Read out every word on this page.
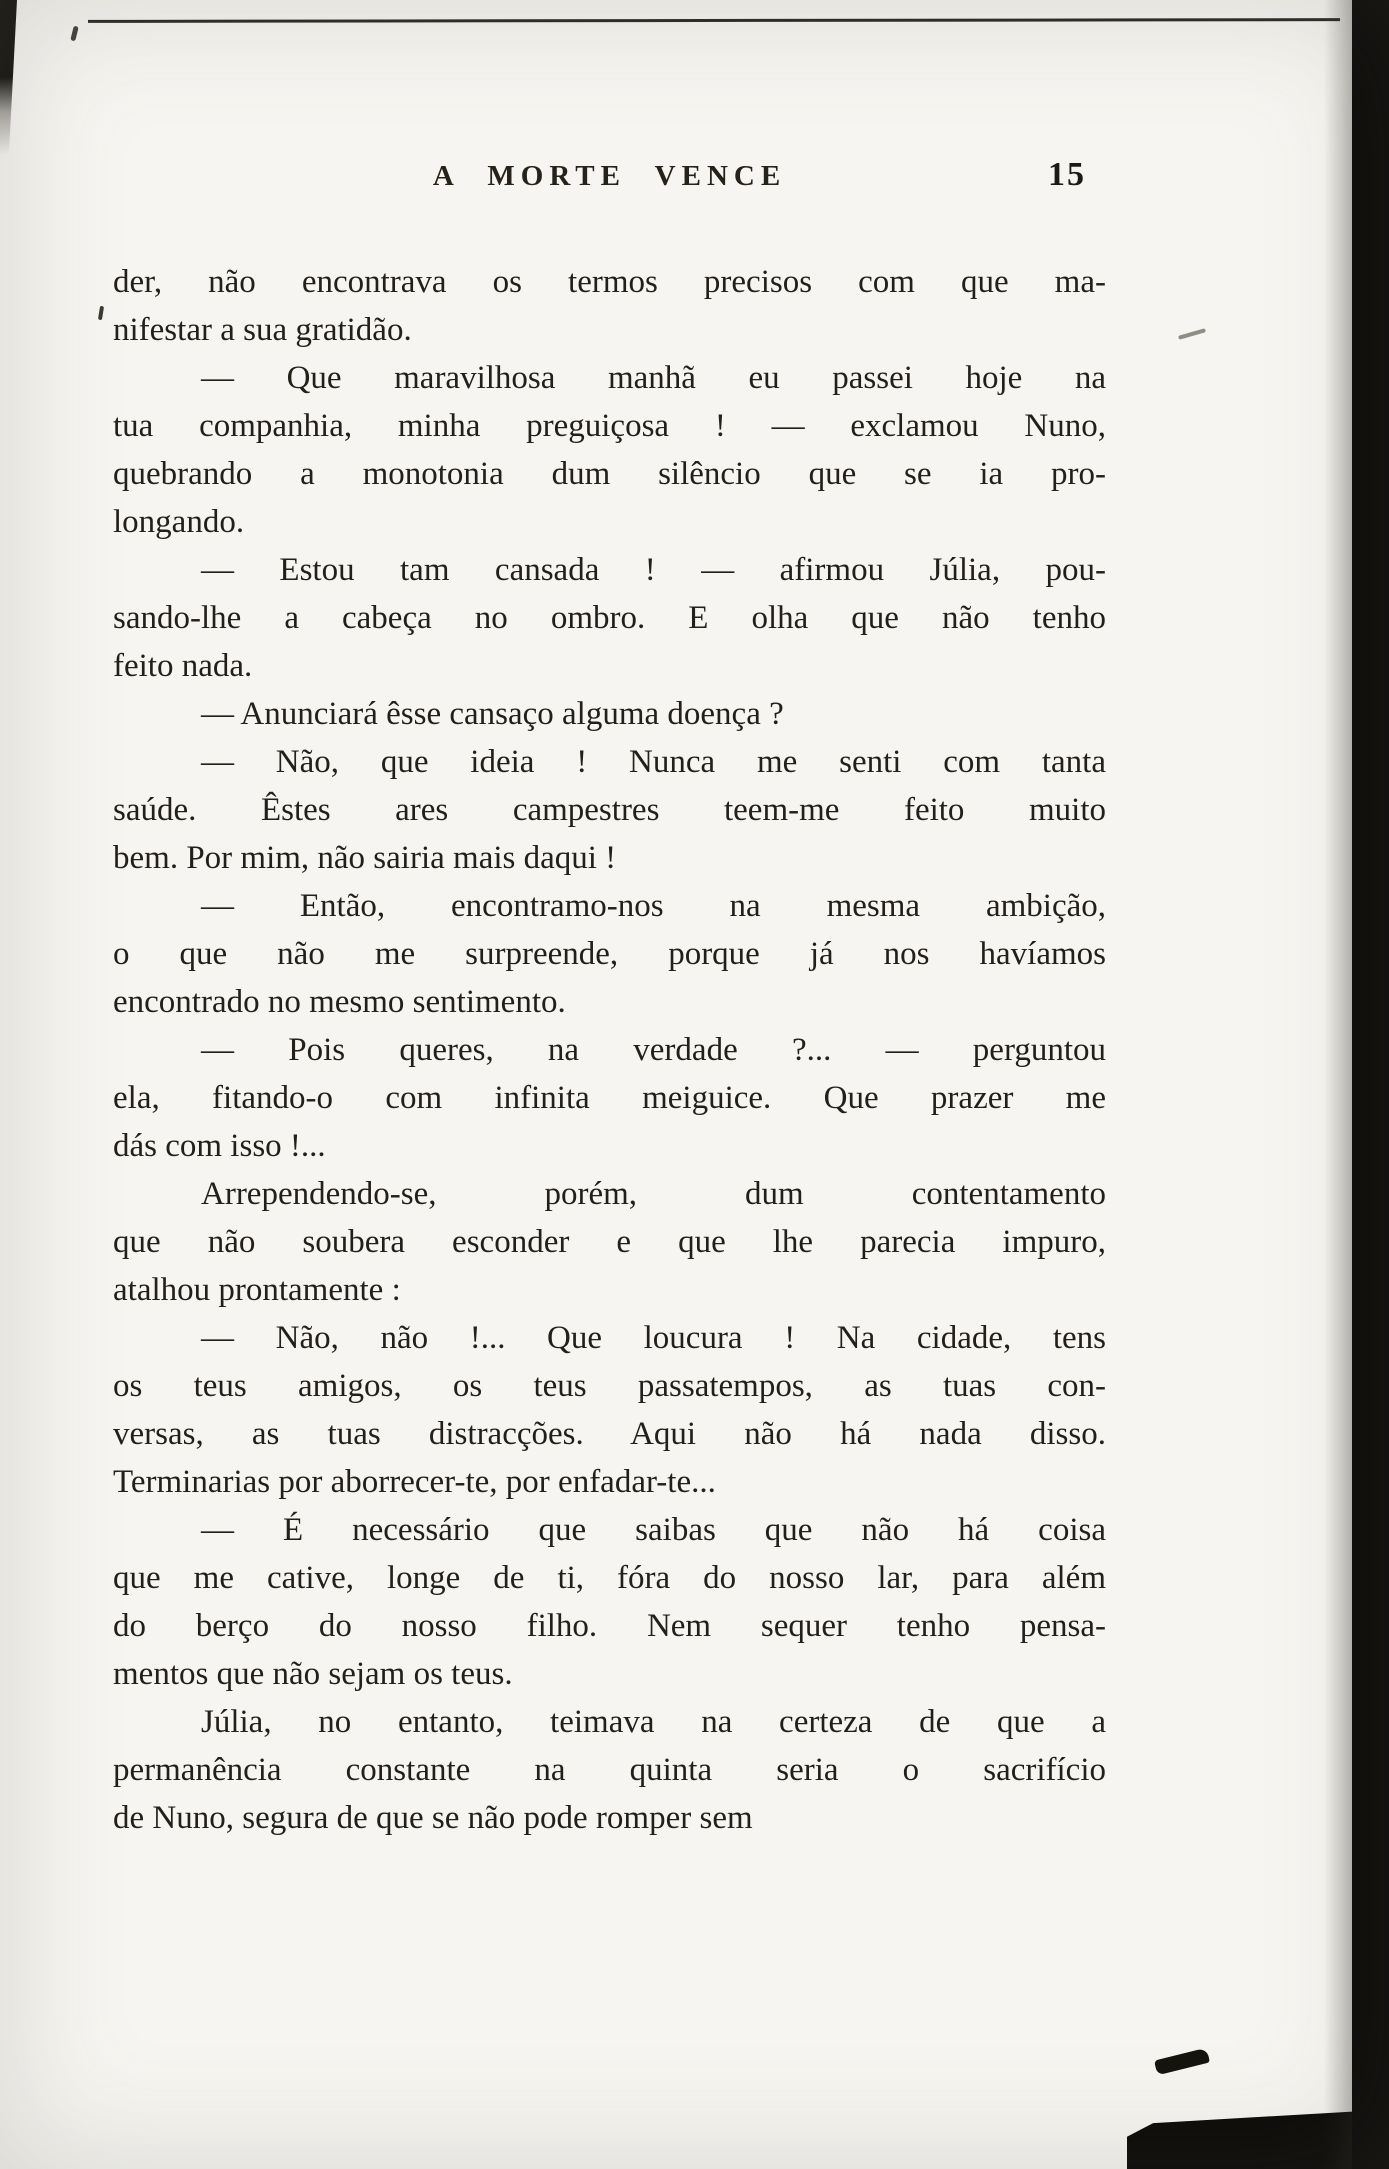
A MORTE VENCE	15
der, não encontrava os termos precisos com que ma-
nifestar a sua gratidão.
— Que maravilhosa manhã eu passei hoje na
tua companhia, minha preguiçosa ! — exclamou Nuno,
quebrando a monotonia dum silêncio que se ia pro-
longando.
— Estou tam cansada ! — afirmou Júlia, pou-
sando-lhe a cabeça no ombro. E olha que não tenho
feito nada.
— Anunciará êsse cansaço alguma doença ?
— Não, que ideia ! Nunca me senti com tanta
saúde. Êstes ares campestres teem-me feito muito
bem. Por mim, não sairia mais daqui !
— Então, encontramo-nos na mesma ambição,
o que não me surpreende, porque já nos havíamos
encontrado no mesmo sentimento.
— Pois queres, na verdade ?... — perguntou
ela, fitando-o com infinita meiguice. Que prazer me
dás com isso !...
Arrependendo-se, porém, dum contentamento
que não soubera esconder e que lhe parecia impuro,
atalhou prontamente :
— Não, não !... Que loucura ! Na cidade, tens
os teus amigos, os teus passatempos, as tuas con-
versas, as tuas distracções. Aqui não há nada disso.
Terminarias por aborrecer-te, por enfadar-te...
— É necessário que saibas que não há coisa
que me cative, longe de ti, fóra do nosso lar, para além
do berço do nosso filho. Nem sequer tenho pensa-
mentos que não sejam os teus.
Júlia, no entanto, teimava na certeza de que a
permanência constante na quinta seria o sacrifício
de Nuno, segura de que se não pode romper sem
